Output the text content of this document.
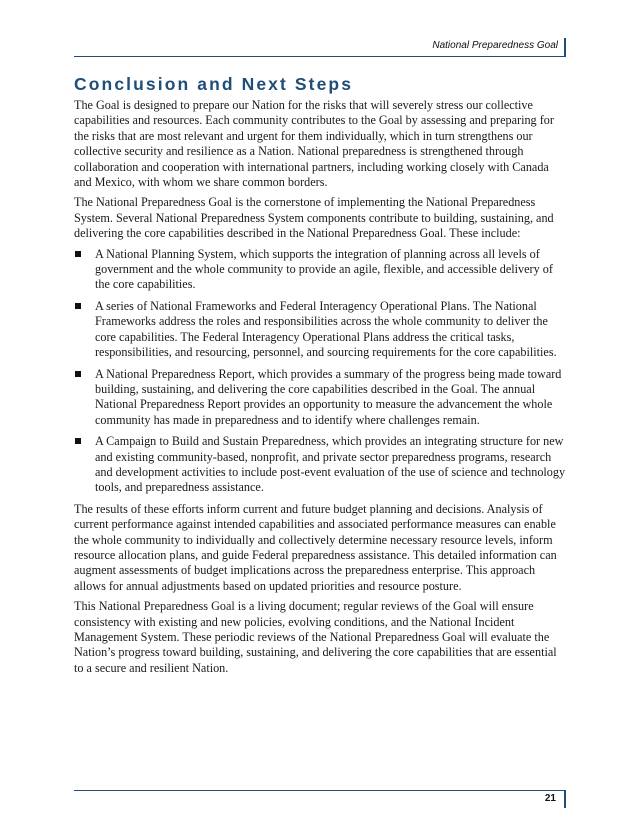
National Preparedness Goal
Conclusion and Next Steps

The Goal is designed to prepare our Nation for the risks that will severely stress our collective capabilities and resources. Each community contributes to the Goal by assessing and preparing for the risks that are most relevant and urgent for them individually, which in turn strengthens our collective security and resilience as a Nation. National preparedness is strengthened through collaboration and cooperation with international partners, including working closely with Canada and Mexico, with whom we share common borders.

The National Preparedness Goal is the cornerstone of implementing the National Preparedness System. Several National Preparedness System components contribute to building, sustaining, and delivering the core capabilities described in the National Preparedness Goal. These include:

A National Planning System, which supports the integration of planning across all levels of government and the whole community to provide an agile, flexible, and accessible delivery of the core capabilities.
A series of National Frameworks and Federal Interagency Operational Plans. The National Frameworks address the roles and responsibilities across the whole community to deliver the core capabilities. The Federal Interagency Operational Plans address the critical tasks, responsibilities, and resourcing, personnel, and sourcing requirements for the core capabilities.
A National Preparedness Report, which provides a summary of the progress being made toward building, sustaining, and delivering the core capabilities described in the Goal. The annual National Preparedness Report provides an opportunity to measure the advancement the whole community has made in preparedness and to identify where challenges remain.
A Campaign to Build and Sustain Preparedness, which provides an integrating structure for new and existing community-based, nonprofit, and private sector preparedness programs, research and development activities to include post-event evaluation of the use of science and technology tools, and preparedness assistance.

The results of these efforts inform current and future budget planning and decisions. Analysis of current performance against intended capabilities and associated performance measures can enable the whole community to individually and collectively determine necessary resource levels, inform resource allocation plans, and guide Federal preparedness assistance. This detailed information can augment assessments of budget implications across the preparedness enterprise. This approach allows for annual adjustments based on updated priorities and resource posture.

This National Preparedness Goal is a living document; regular reviews of the Goal will ensure consistency with existing and new policies, evolving conditions, and the National Incident Management System. These periodic reviews of the National Preparedness Goal will evaluate the Nation’s progress toward building, sustaining, and delivering the core capabilities that are essential to a secure and resilient Nation.

21
